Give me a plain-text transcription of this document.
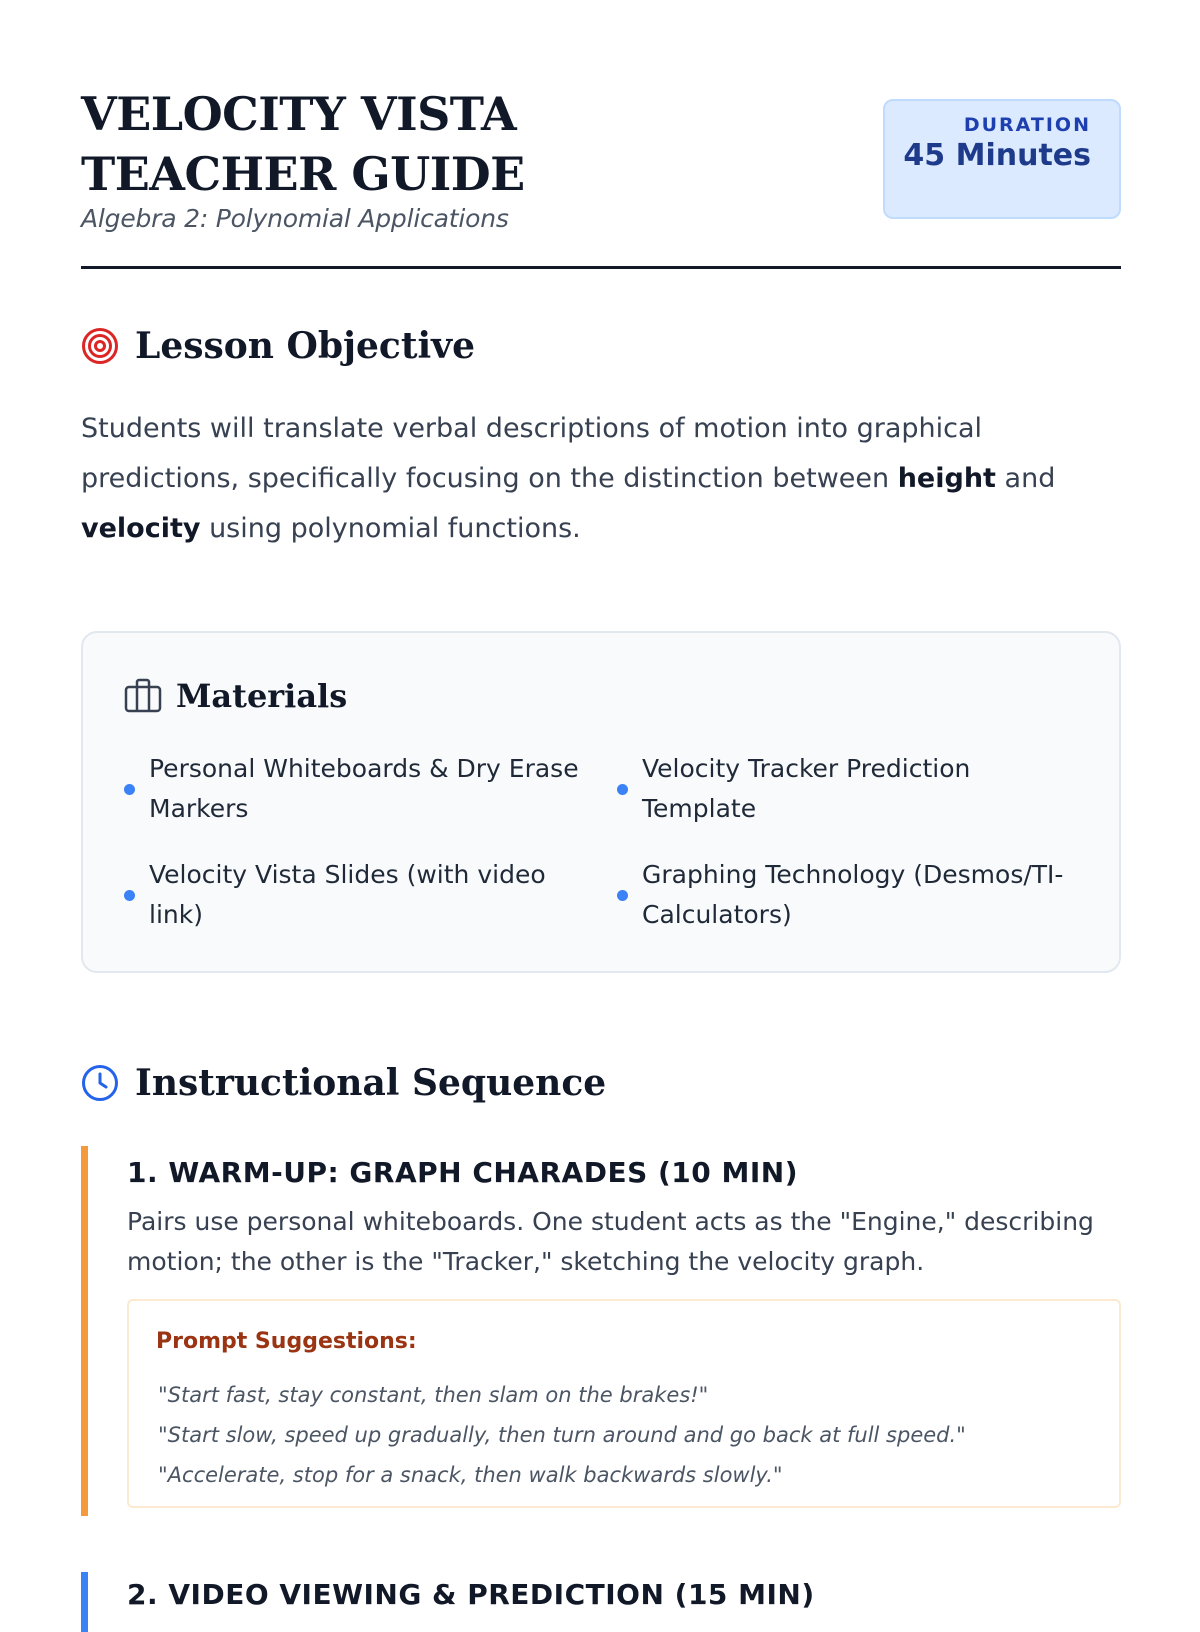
VELOCITY VISTA TEACHER GUIDE
Algebra 2: Polynomial Applications
DURATION
45 Minutes
Lesson Objective

Students will translate verbal descriptions of motion into graphical predictions, specifically focusing on the distinction between height and velocity using polynomial functions.

Materials
Personal Whiteboards & Dry Erase Markers
Velocity Tracker Prediction Template
Velocity Vista Slides (with video link)
Graphing Technology (Desmos/TI-Calculators)
Instructional Sequence
1. WARM-UP: GRAPH CHARADES (10 MIN)

Pairs use personal whiteboards. One student acts as the "Engine," describing motion; the other is the "Tracker," sketching the velocity graph.

Prompt Suggestions:

"Start fast, stay constant, then slam on the brakes!"
"Start slow, speed up gradually, then turn around and go back at full speed."
"Accelerate, stop for a snack, then walk backwards slowly."
2. VIDEO VIEWING & PREDICTION (15 MIN)
